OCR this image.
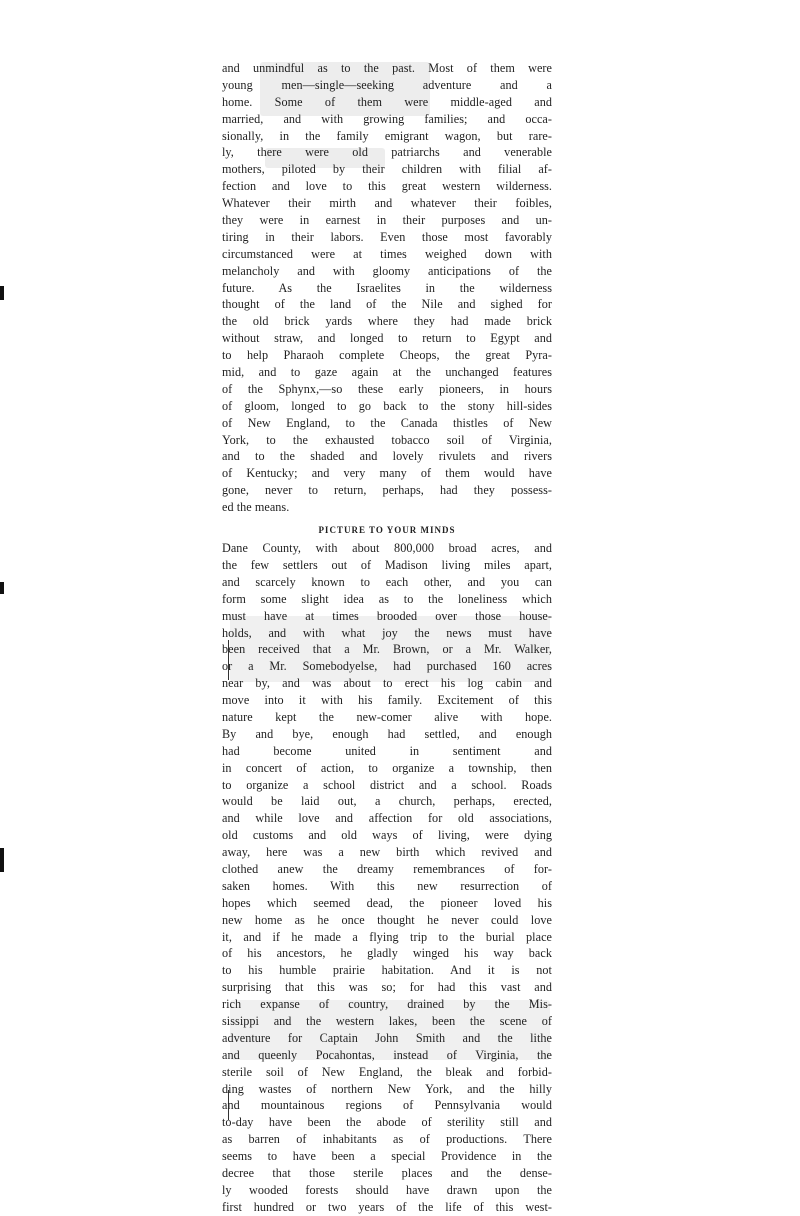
and unmindful as to the past. Most of them were
young men—single—seeking adventure and a
home. Some of them were middle-aged and
married, and with growing families; and occa-
sionally, in the family emigrant wagon, but rare-
ly, there were old patriarchs and venerable
mothers, piloted by their children with filial af-
fection and love to this great western wilderness.
Whatever their mirth and whatever their foibles,
they were in earnest in their purposes and un-
tiring in their labors. Even those most favorably
circumstanced were at times weighed down with
melancholy and with gloomy anticipations of the
future. As the Israelites in the wilderness
thought of the land of the Nile and sighed for
the old brick yards where they had made brick
without straw, and longed to return to Egypt and
to help Pharaoh complete Cheops, the great Pyra-
mid, and to gaze again at the unchanged features
of the Sphynx,—so these early pioneers, in hours
of gloom, longed to go back to the stony hill-sides
of New England, to the Canada thistles of New
York, to the exhausted tobacco soil of Virginia,
and to the shaded and lovely rivulets and rivers
of Kentucky; and very many of them would have
gone, never to return, perhaps, had they possess-
ed the means.
PICTURE TO YOUR MINDS
Dane County, with about 800,000 broad acres, and
the few settlers out of Madison living miles apart,
and scarcely known to each other, and you can
form some slight idea as to the loneliness which
must have at times brooded over those house-
holds, and with what joy the news must have
been received that a Mr. Brown, or a Mr. Walker,
or a Mr. Somebodyelse, had purchased 160 acres
near by, and was about to erect his log cabin and
move into it with his family. Excitement of this
nature kept the new-comer alive with hope.
By and bye, enough had settled, and enough
had become united in sentiment and
in concert of action, to organize a township, then
to organize a school district and a school. Roads
would be laid out, a church, perhaps, erected,
and while love and affection for old associations,
old customs and old ways of living, were dying
away, here was a new birth which revived and
clothed anew the dreamy remembrances of for-
saken homes. With this new resurrection of
hopes which seemed dead, the pioneer loved his
new home as he once thought he never could love
it, and if he made a flying trip to the burial place
of his ancestors, he gladly winged his way back
to his humble prairie habitation. And it is not
surprising that this was so; for had this vast and
rich expanse of country, drained by the Mis-
sissippi and the western lakes, been the scene of
adventure for Captain John Smith and the lithe
and queenly Pocahontas, instead of Virginia, the
sterile soil of New England, the bleak and forbid-
ding wastes of northern New York, and the hilly
and mountainous regions of Pennsylvania would
to-day have been the abode of sterility still and
as barren of inhabitants as of productions. There
seems to have been a special Providence in the
decree that those sterile places and the dense-
ly wooded forests should have drawn upon the
first hundred or two years of the life of this west-
